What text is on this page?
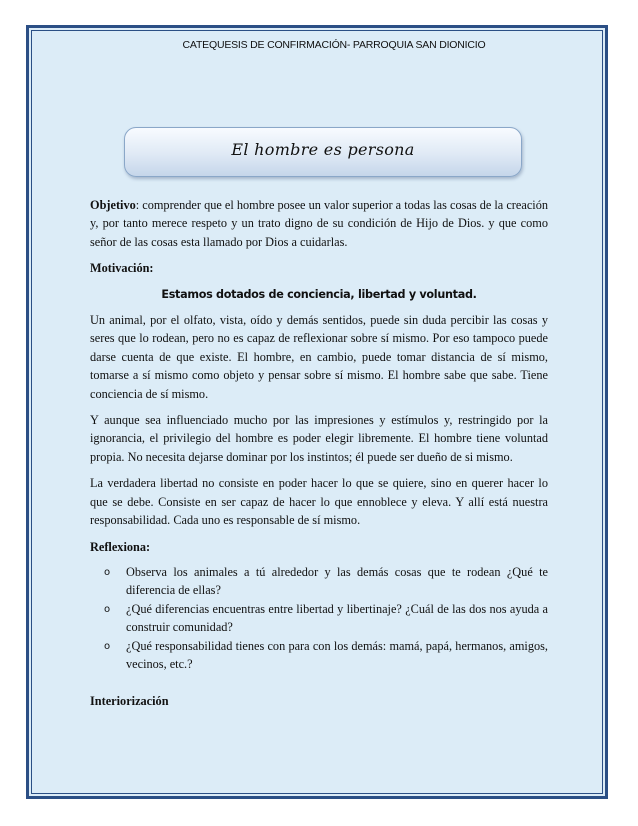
CATEQUESIS DE CONFIRMACIÓN- PARROQUIA SAN DIONICIO
El hombre es persona

Objetivo: comprender que el hombre posee un valor superior a todas las cosas de la creación y, por tanto merece respeto y un trato digno de su condición de Hijo de Dios. y que como señor de las cosas esta llamado por Dios a cuidarlas.

Motivación:
Estamos dotados de conciencia, libertad y voluntad.

Un animal, por el olfato, vista, oído y demás sentidos, puede sin duda percibir las cosas y seres que lo rodean, pero no es capaz de reflexionar sobre sí mismo. Por eso tampoco puede darse cuenta de que existe. El hombre, en cambio, puede tomar distancia de sí mismo, tomarse a sí mismo como objeto y pensar sobre sí mismo. El hombre sabe que sabe. Tiene conciencia de sí mismo.

Y aunque sea influenciado mucho por las impresiones y estímulos y, restringido por la ignorancia, el privilegio del hombre es poder elegir libremente. El hombre tiene voluntad propia. No necesita dejarse dominar por los instintos; él puede ser dueño de si mismo.

La verdadera libertad no consiste en poder hacer lo que se quiere, sino en querer hacer lo que se debe. Consiste en ser capaz de hacer lo que ennoblece y eleva. Y allí está nuestra responsabilidad. Cada uno es responsable de sí mismo.

Reflexiona:
o Observa los animales a tú alrededor y las demás cosas que te rodean ¿Qué te diferencia de ellas?
o ¿Qué diferencias encuentras entre libertad y libertinaje? ¿Cuál de las dos nos ayuda a construir comunidad?
o ¿Qué responsabilidad tienes con para con los demás: mamá, papá, hermanos, amigos, vecinos, etc.?
Interiorización
